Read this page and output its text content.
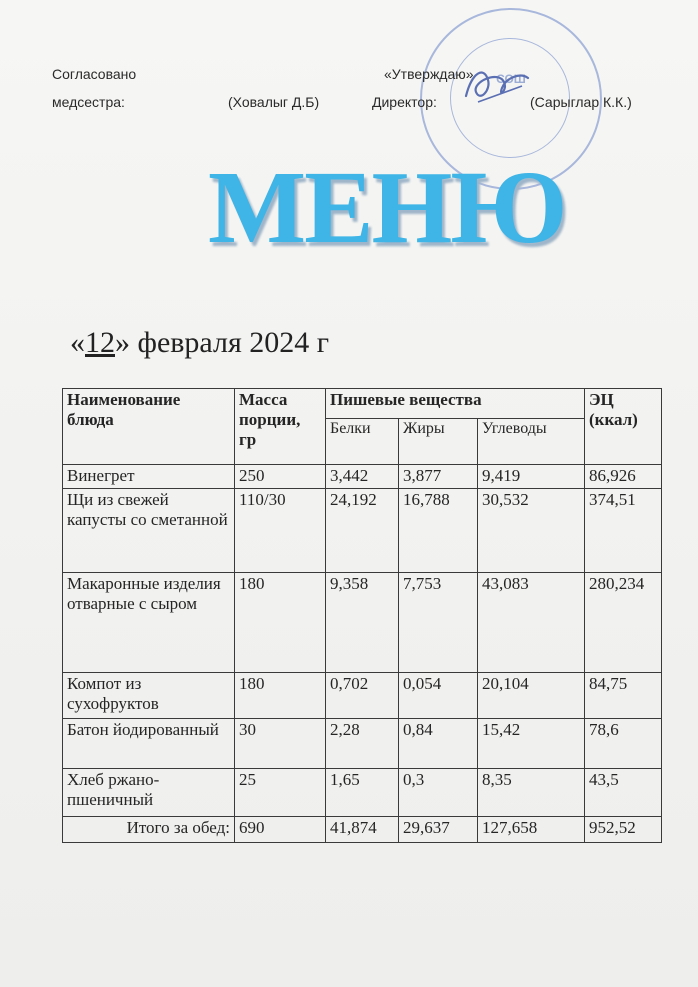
Согласовано
медсестра:	(Ховалыг Д.Б)
СОШ
«Утверждаю»
Директор:	(Сарыглар К.К.)
МЕНЮ
«12» февраля 2024 г
Наименование блюда	Масса порции, гр	Пишевые вещества			ЭЦ (ккал)
		Белки	Жиры	Углеводы	
Винегрет	250	3,442	3,877	9,419	86,926
Щи из свежей капусты со сметанной	110/30	24,192	16,788	30,532	374,51
Макаронные изделия отварные с сыром	180	9,358	7,753	43,083	280,234
Компот из сухофруктов	180	0,702	0,054	20,104	84,75
Батон йодированный	30	2,28	0,84	15,42	78,6
Хлеб ржано-пшеничный	25	1,65	0,3	8,35	43,5
Итого за обед:	690	41,874	29,637	127,658	952,52
